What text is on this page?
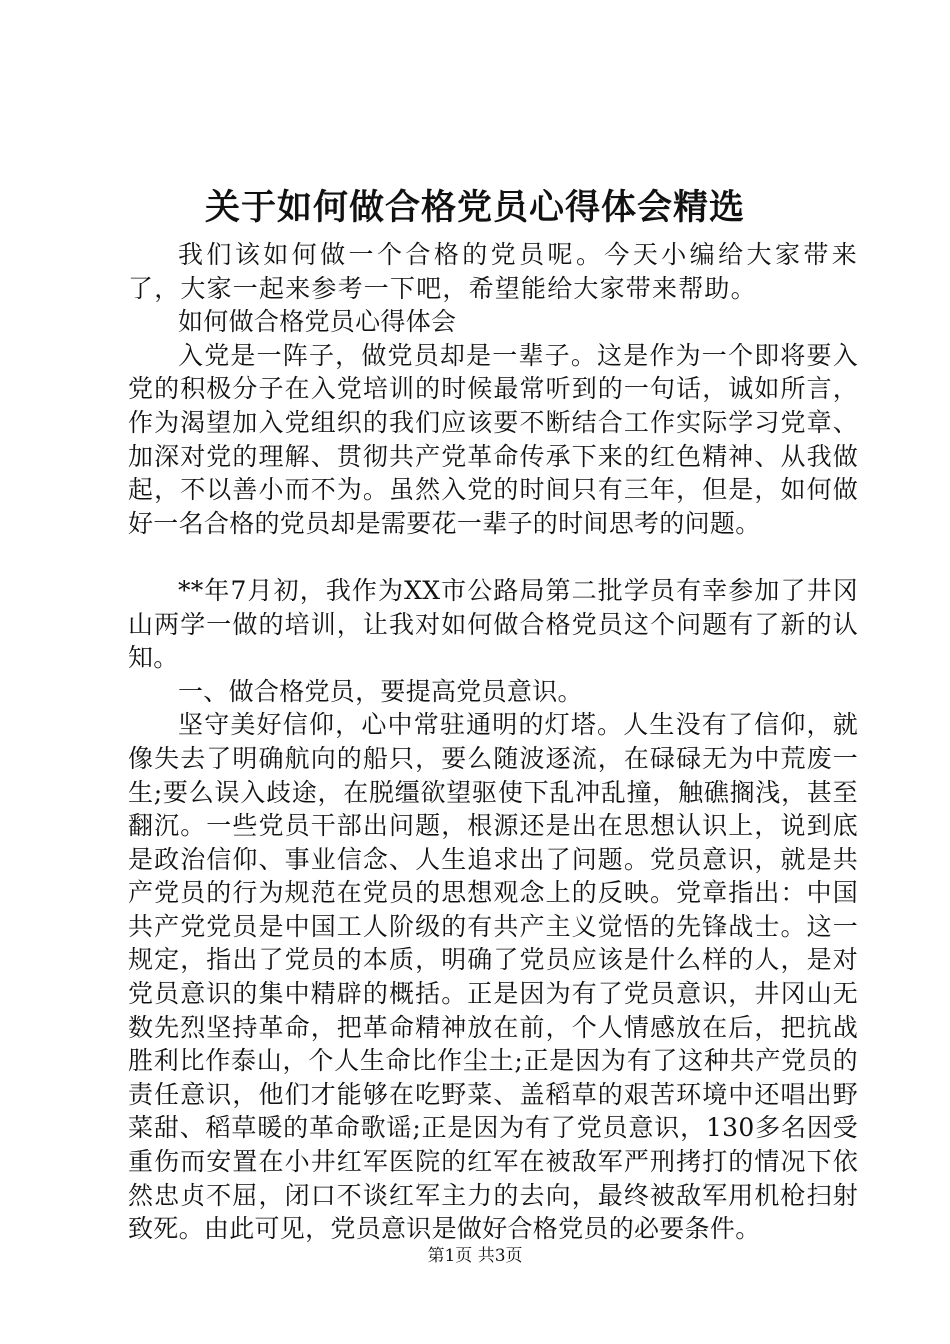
关于如何做合格党员心得体会精选

我们该如何做一个合格的党员呢。今天小编给大家带来了，大家一起来参考一下吧，希望能给大家带来帮助。

如何做合格党员心得体会

入党是一阵子，做党员却是一辈子。这是作为一个即将要入党的积极分子在入党培训的时候最常听到的一句话，诚如所言，作为渴望加入党组织的我们应该要不断结合工作实际学习党章、加深对党的理解、贯彻共产党革命传承下来的红色精神、从我做起，不以善小而不为。虽然入党的时间只有三年，但是，如何做好一名合格的党员却是需要花一辈子的时间思考的问题。

**年7月初，我作为XX市公路局第二批学员有幸参加了井冈山两学一做的培训，让我对如何做合格党员这个问题有了新的认知。

一、做合格党员，要提高党员意识。

坚守美好信仰，心中常驻通明的灯塔。人生没有了信仰，就像失去了明确航向的船只，要么随波逐流，在碌碌无为中荒废一生;要么误入歧途，在脱缰欲望驱使下乱冲乱撞，触礁搁浅，甚至翻沉。一些党员干部出问题，根源还是出在思想认识上，说到底是政治信仰、事业信念、人生追求出了问题。党员意识，就是共产党员的行为规范在党员的思想观念上的反映。党章指出：中国共产党党员是中国工人阶级的有共产主义觉悟的先锋战士。这一规定，指出了党员的本质，明确了党员应该是什么样的人，是对党员意识的集中精辟的概括。正是因为有了党员意识，井冈山无数先烈坚持革命，把革命精神放在前，个人情感放在后，把抗战胜利比作泰山，个人生命比作尘土;正是因为有了这种共产党员的责任意识，他们才能够在吃野菜、盖稻草的艰苦环境中还唱出野菜甜、稻草暖的革命歌谣;正是因为有了党员意识，130多名因受重伤而安置在小井红军医院的红军在被敌军严刑拷打的情况下依然忠贞不屈，闭口不谈红军主力的去向，最终被敌军用机枪扫射致死。由此可见，党员意识是做好合格党员的必要条件。

第1页 共3页
